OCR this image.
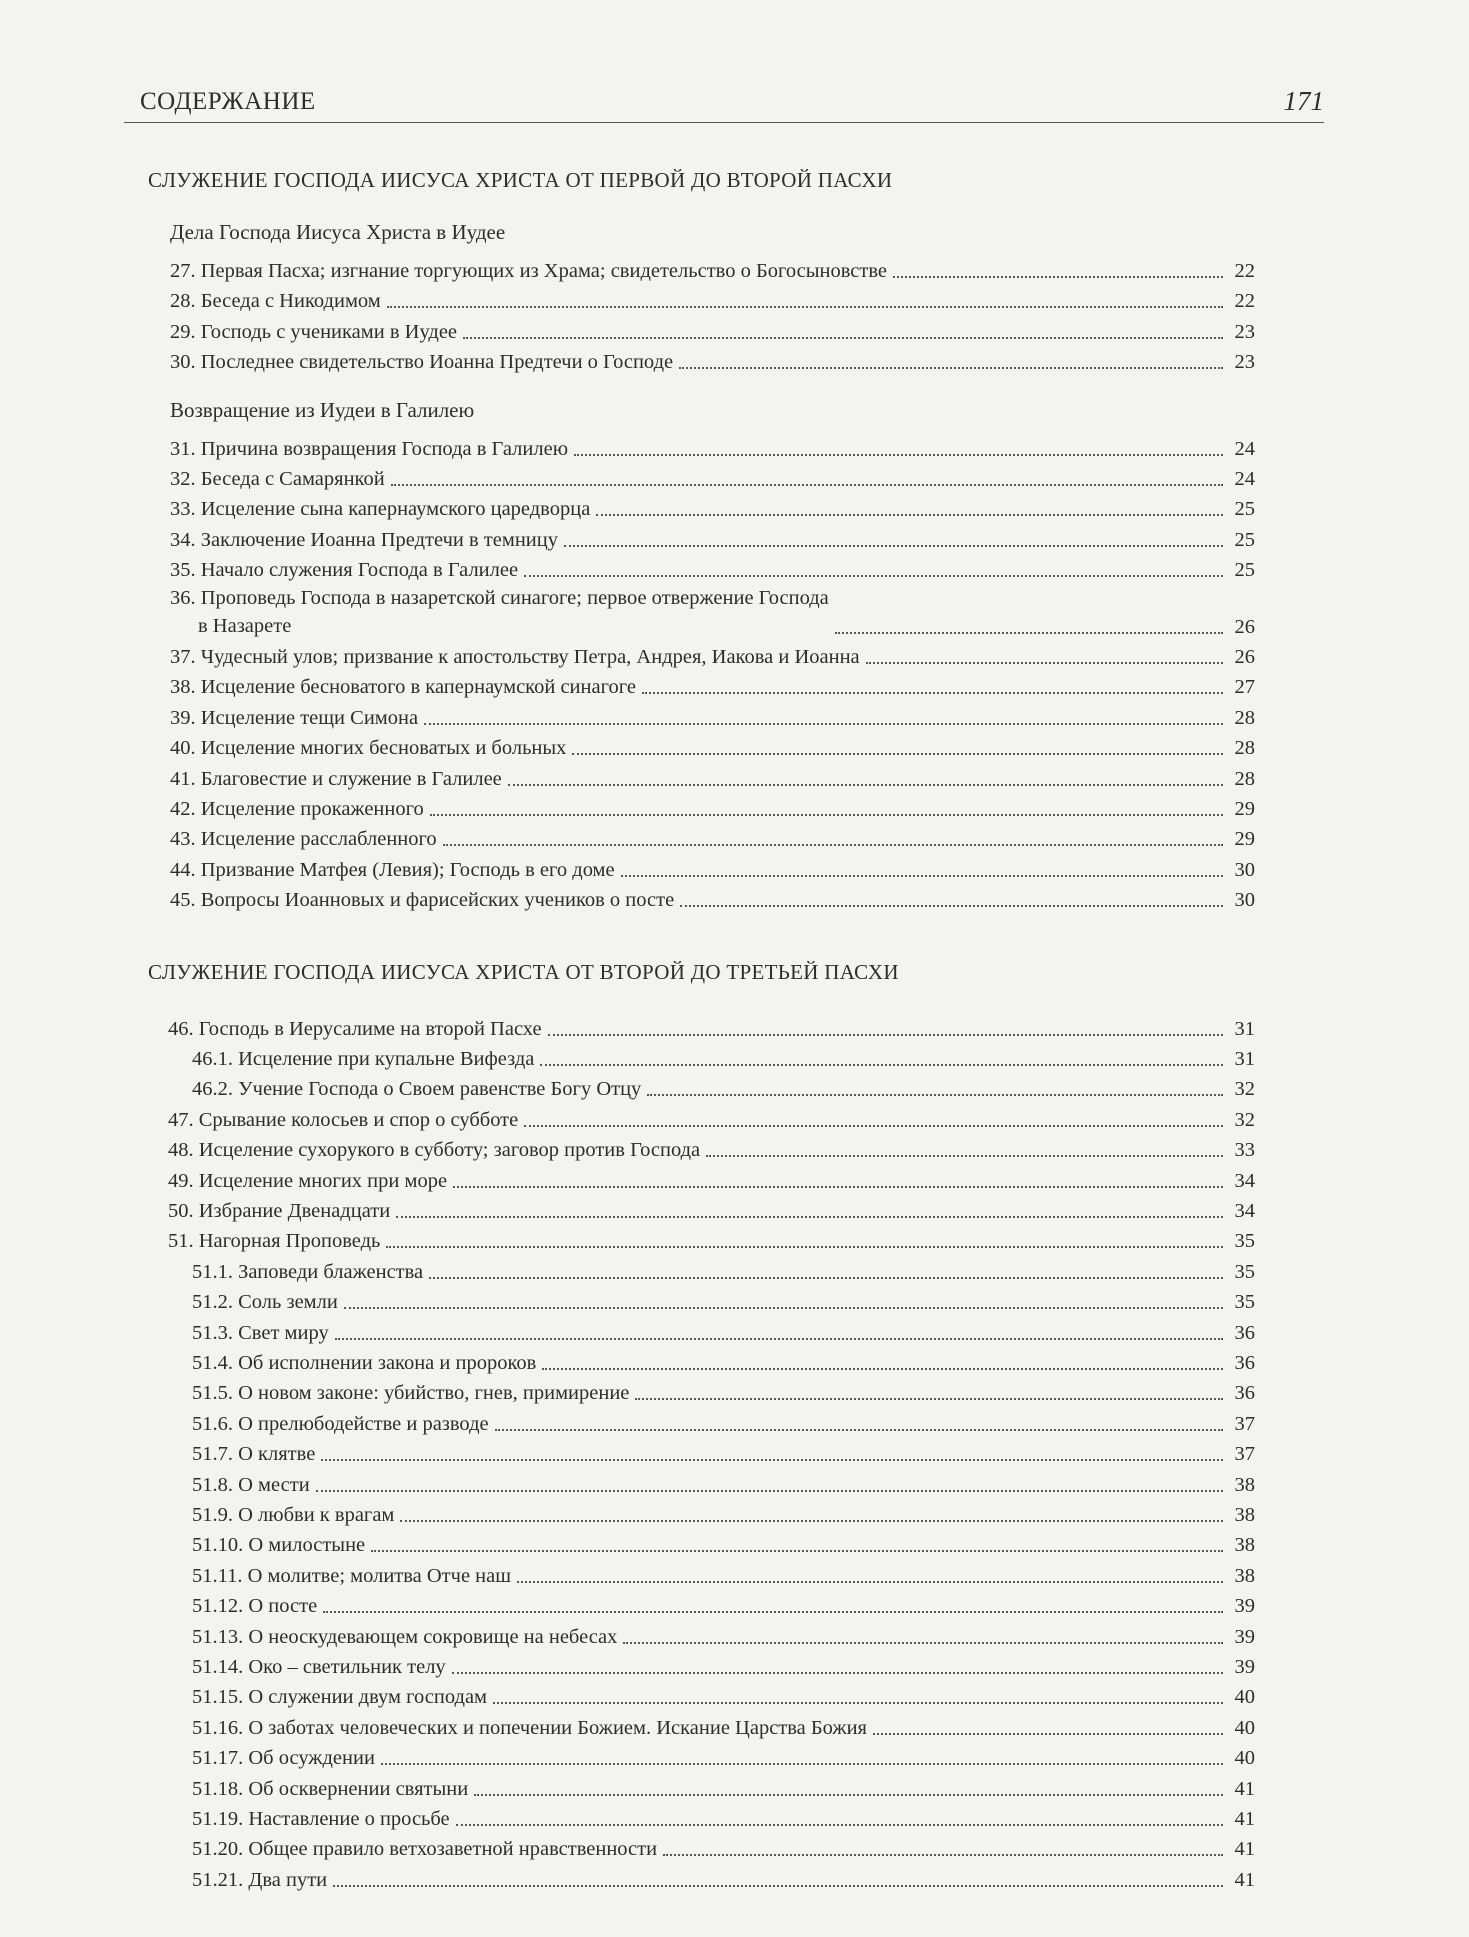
СОДЕРЖАНИЕ	171
СЛУЖЕНИЕ ГОСПОДА ИИСУСА ХРИСТА ОТ ПЕРВОЙ ДО ВТОРОЙ ПАСХИ
Дела Господа Иисуса Христа в Иудее
27. Первая Пасха; изгнание торгующих из Храма; свидетельство о Богосыновстве	22
28. Беседа с Никодимом	22
29. Господь с учениками в Иудее	23
30. Последнее свидетельство Иоанна Предтечи о Господе	23
Возвращение из Иудеи в Галилею
31. Причина возвращения Господа в Галилею	24
32. Беседа с Самарянкой	24
33. Исцеление сына капернаумского царедворца	25
34. Заключение Иоанна Предтечи в темницу	25
35. Начало служения Господа в Галилее	25
36. Проповедь Господа в назаретской синагоге; первое отвержение Господа
в Назарете	26
37. Чудесный улов; призвание к апостольству Петра, Андрея, Иакова и Иоанна	26
38. Исцеление бесноватого в капернаумской синагоге	27
39. Исцеление тещи Симона	28
40. Исцеление многих бесноватых и больных	28
41. Благовестие и служение в Галилее	28
42. Исцеление прокаженного	29
43. Исцеление расслабленного	29
44. Призвание Матфея (Левия); Господь в его доме	30
45. Вопросы Иоанновых и фарисейских учеников о посте	30
СЛУЖЕНИЕ ГОСПОДА ИИСУСА ХРИСТА ОТ ВТОРОЙ ДО ТРЕТЬЕЙ ПАСХИ
46. Господь в Иерусалиме на второй Пасхе	31
46.1. Исцеление при купальне Вифезда	31
46.2. Учение Господа о Своем равенстве Богу Отцу	32
47. Срывание колосьев и спор о субботе	32
48. Исцеление сухорукого в субботу; заговор против Господа	33
49. Исцеление многих при море	34
50. Избрание Двенадцати	34
51. Нагорная Проповедь	35
51.1. Заповеди блаженства	35
51.2. Соль земли	35
51.3. Свет миру	36
51.4. Об исполнении закона и пророков	36
51.5. О новом законе: убийство, гнев, примирение	36
51.6. О прелюбодействе и разводе	37
51.7. О клятве	37
51.8. О мести	38
51.9. О любви к врагам	38
51.10. О милостыне	38
51.11. О молитве; молитва Отче наш	38
51.12. О посте	39
51.13. О неоскудевающем сокровище на небесах	39
51.14. Око – светильник телу	39
51.15. О служении двум господам	40
51.16. О заботах человеческих и попечении Божием. Искание Царства Божия	40
51.17. Об осуждении	40
51.18. Об осквернении святыни	41
51.19. Наставление о просьбе	41
51.20. Общее правило ветхозаветной нравственности	41
51.21. Два пути	41
